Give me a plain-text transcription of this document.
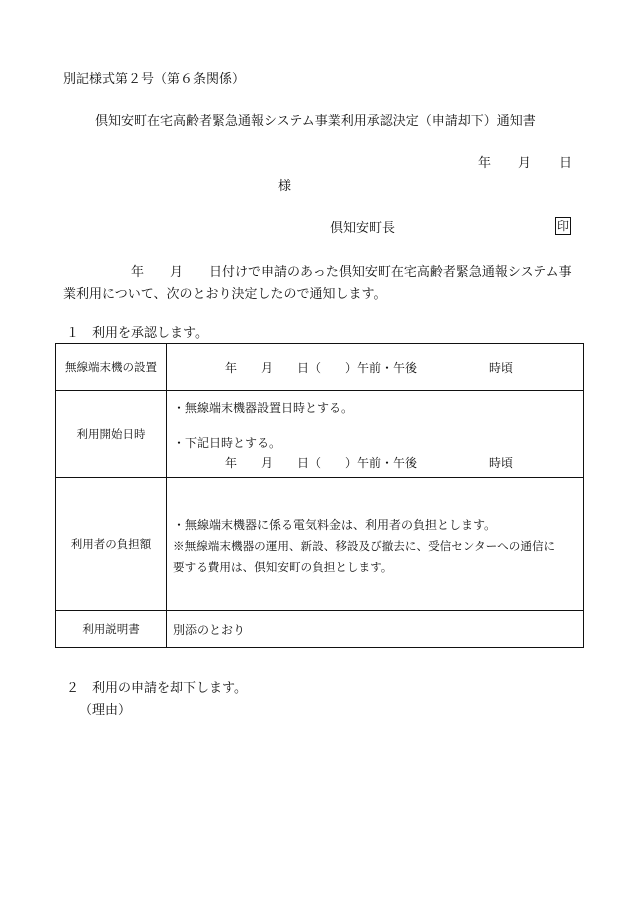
別記様式第２号（第６条関係）
倶知安町在宅高齢者緊急通報システム事業利用承認決定（申請却下）通知書
年 月 日
様
倶知安町長	印
年　　月　　日付けで申請のあった倶知安町在宅高齢者緊急通報システム事
業利用について、次のとおり決定したので通知します。
１　利用を承認します。
無線端末機の設置	年　　月　　日（　　）午前・午後　　　　　　時頃
利用開始日時	・無線端末機器設置日時とする。
・下記日時とする。
年　　月　　日（　　）午前・午後　　　　　　時頃

利用者の負担額	・無線端末機器に係る電気料金は、利用者の負担とします。
※無線端末機器の運用、新設、移設及び撤去に、受信センターへの通信に
要する費用は、倶知安町の負担とします。

利用説明書	別添のとおり
２　利用の申請を却下します。
（理由）
